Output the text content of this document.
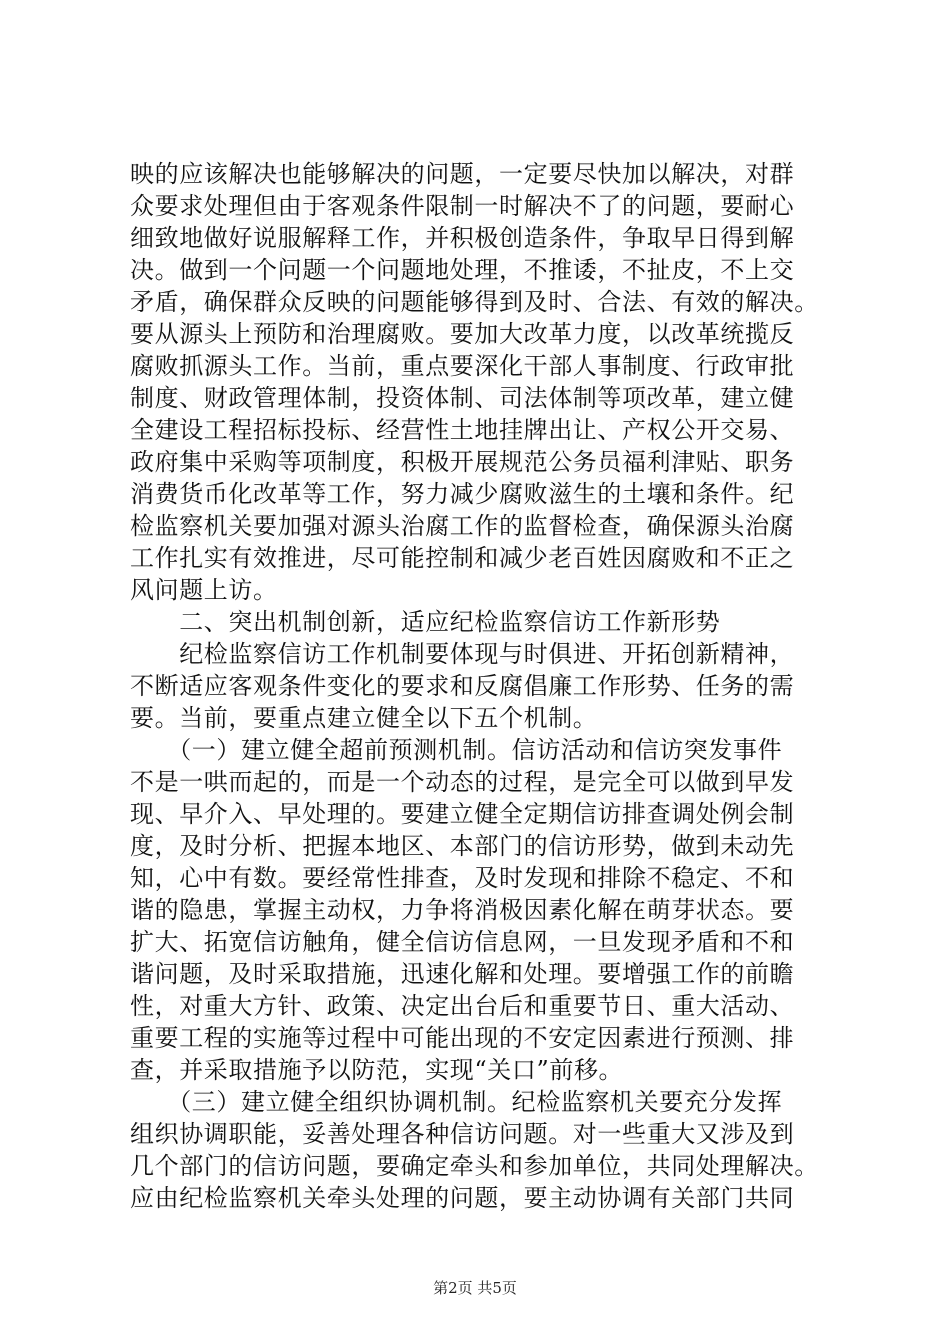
映的应该解决也能够解决的问题，一定要尽快加以解决，对群
众要求处理但由于客观条件限制一时解决不了的问题，要耐心
细致地做好说服解释工作，并积极创造条件，争取早日得到解
决。做到一个问题一个问题地处理，不推诿，不扯皮，不上交
矛盾，确保群众反映的问题能够得到及时、合法、有效的解决。
要从源头上预防和治理腐败。要加大改革力度，以改革统揽反
腐败抓源头工作。当前，重点要深化干部人事制度、行政审批
制度、财政管理体制，投资体制、司法体制等项改革，建立健
全建设工程招标投标、经营性土地挂牌出让、产权公开交易、
政府集中采购等项制度，积极开展规范公务员福利津贴、职务
消费货币化改革等工作，努力减少腐败滋生的土壤和条件。纪
检监察机关要加强对源头治腐工作的监督检查，确保源头治腐
工作扎实有效推进，尽可能控制和减少老百姓因腐败和不正之
风问题上访。
　　二、突出机制创新，适应纪检监察信访工作新形势
　　纪检监察信访工作机制要体现与时俱进、开拓创新精神，
不断适应客观条件变化的要求和反腐倡廉工作形势、任务的需
要。当前，要重点建立健全以下五个机制。
　　（一）建立健全超前预测机制。信访活动和信访突发事件
不是一哄而起的，而是一个动态的过程，是完全可以做到早发
现、早介入、早处理的。要建立健全定期信访排查调处例会制
度，及时分析、把握本地区、本部门的信访形势，做到未动先
知，心中有数。要经常性排查，及时发现和排除不稳定、不和
谐的隐患，掌握主动权，力争将消极因素化解在萌芽状态。要
扩大、拓宽信访触角，健全信访信息网，一旦发现矛盾和不和
谐问题，及时采取措施，迅速化解和处理。要增强工作的前瞻
性，对重大方针、政策、决定出台后和重要节日、重大活动、
重要工程的实施等过程中可能出现的不安定因素进行预测、排
查，并采取措施予以防范，实现“关口”前移。
　　（三）建立健全组织协调机制。纪检监察机关要充分发挥
组织协调职能，妥善处理各种信访问题。对一些重大又涉及到
几个部门的信访问题，要确定牵头和参加单位，共同处理解决。
应由纪检监察机关牵头处理的问题，要主动协调有关部门共同
第2页 共5页
